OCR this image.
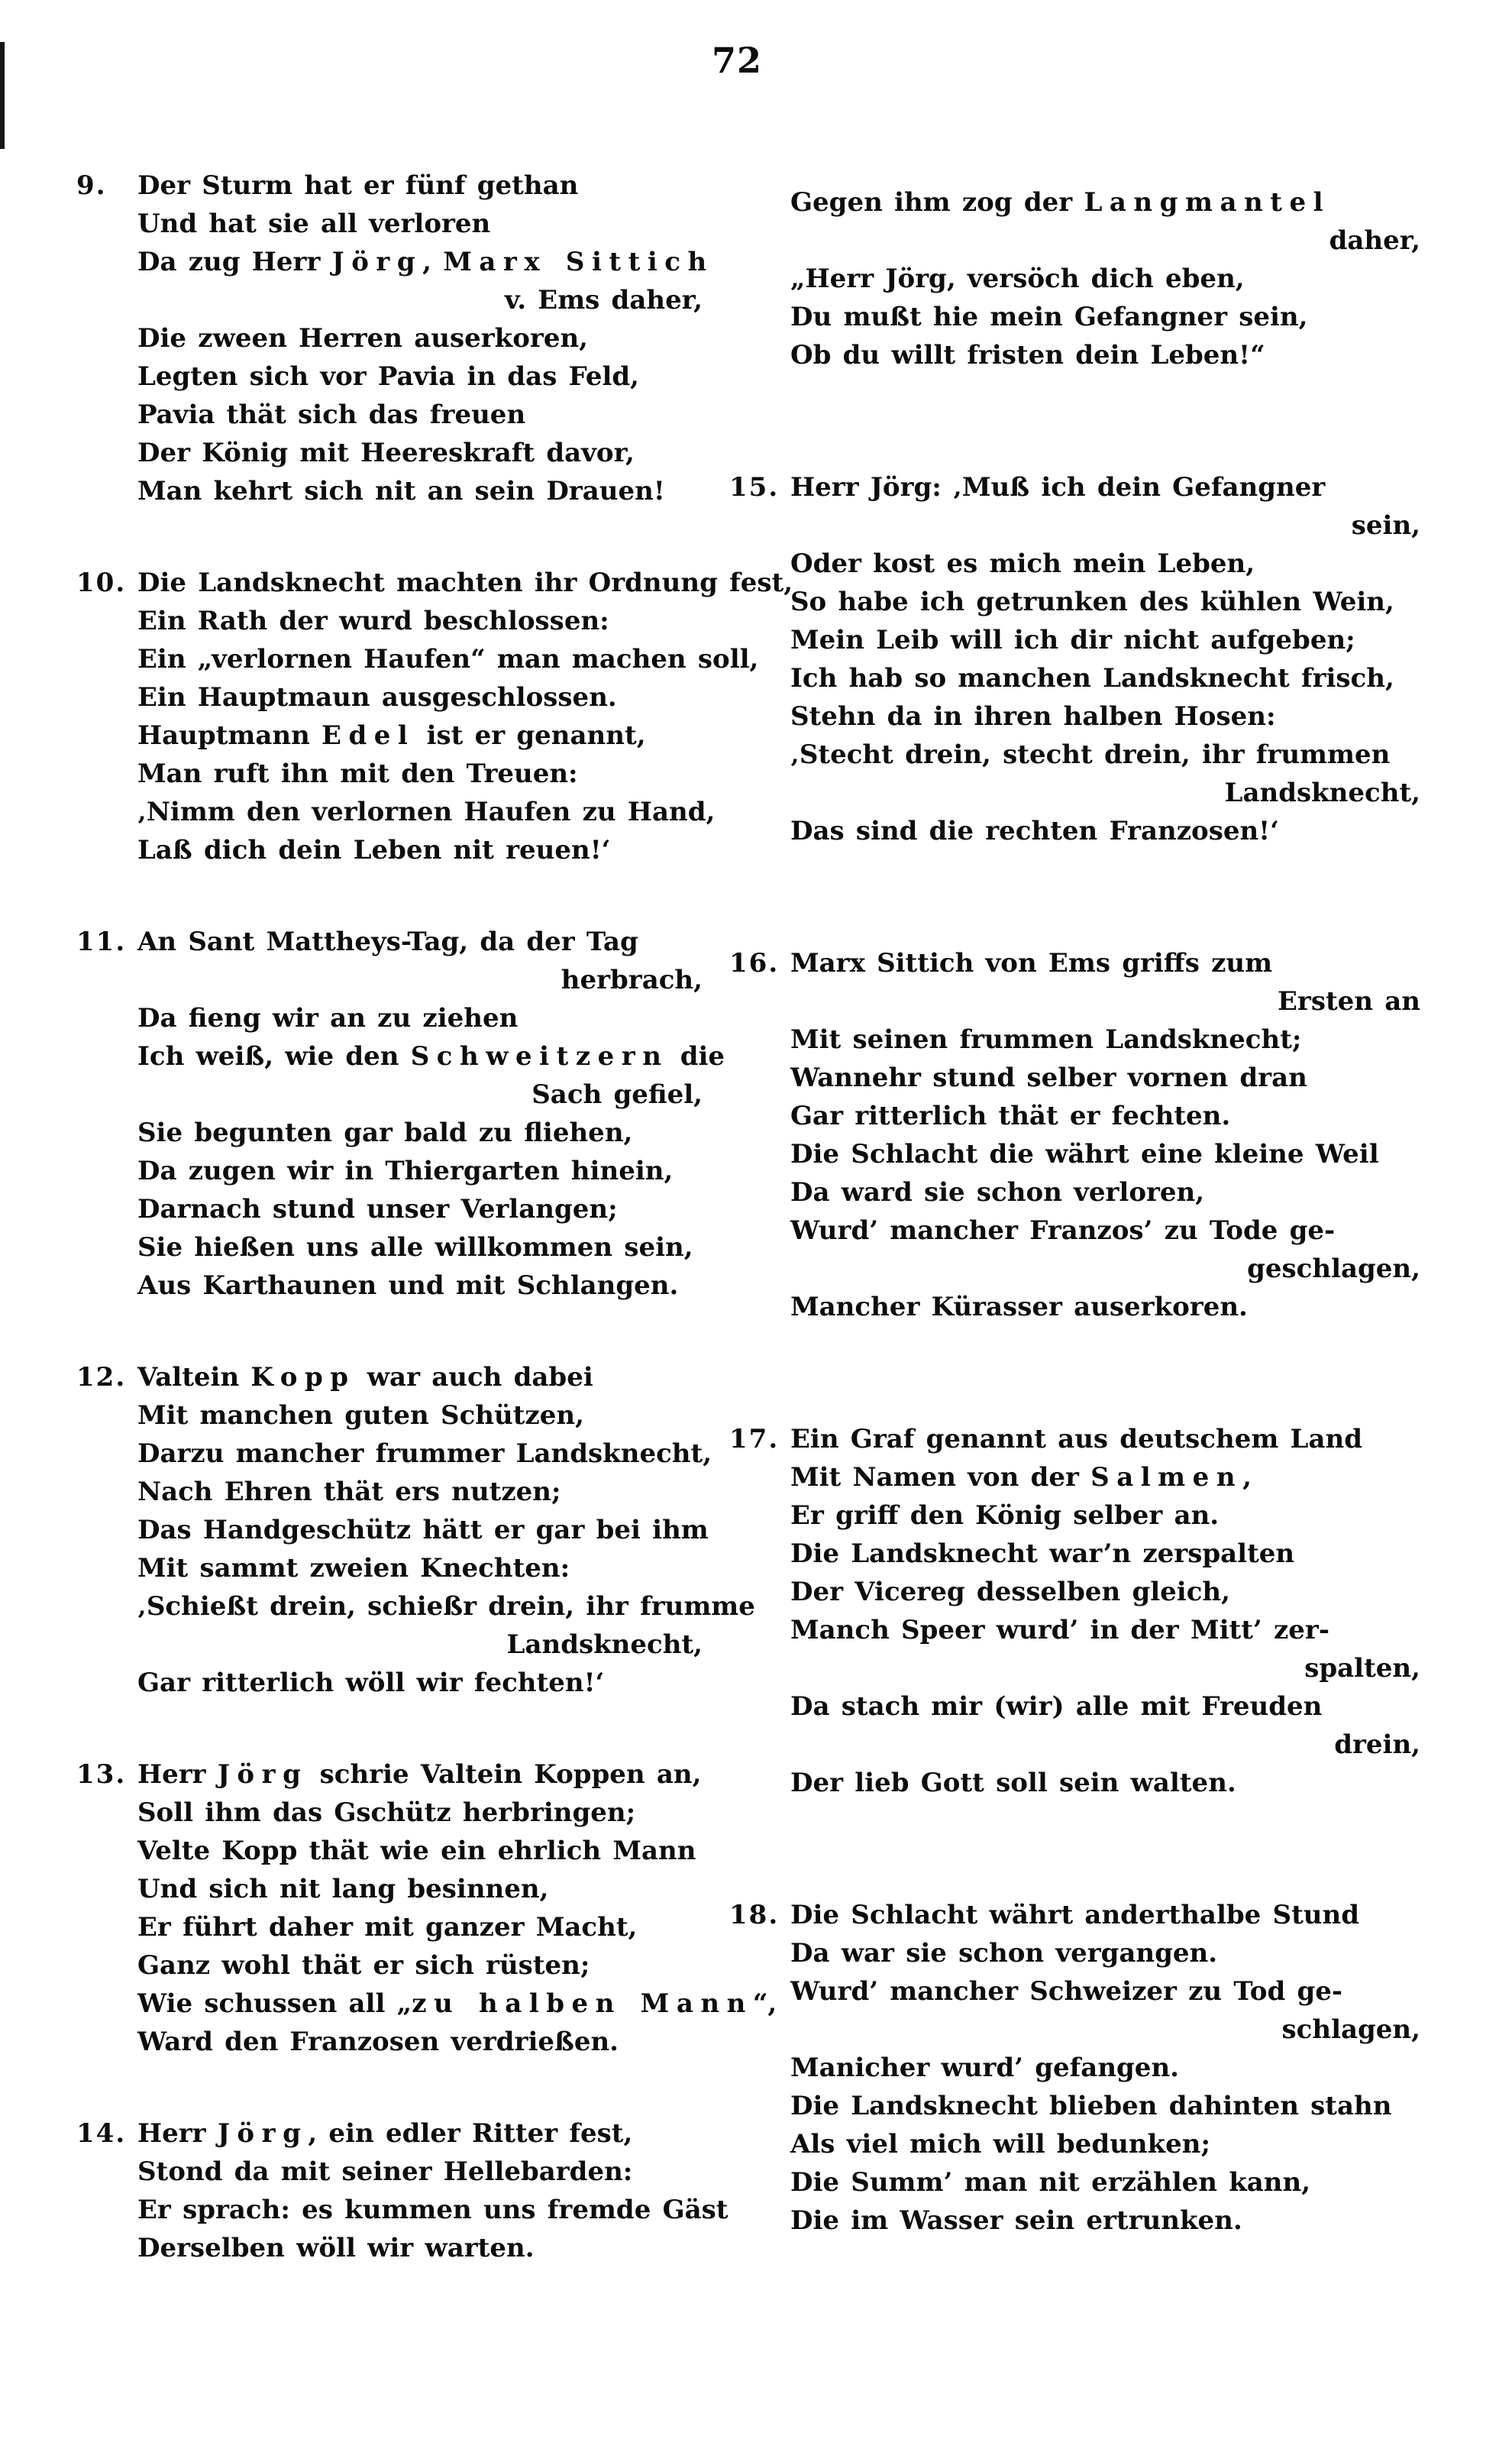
72
9. Der Sturm hat er fünf gethan
Und hat sie all verloren
Da zug Herr Jörg, Marx Sittich
v. Ems daher,
Die zween Herren auserkoren,
Legten sich vor Pavia in das Feld,
Pavia thät sich das freuen
Der König mit Heereskraft davor,
Man kehrt sich nit an sein Drauen!
10. Die Landsknecht machten ihr Ordnung fest,
Ein Rath der wurd beschlossen:
Ein „verlornen Haufen“ man machen soll,
Ein Hauptmaun ausgeschlossen.
Hauptmann Edel ist er genannt,
Man ruft ihn mit den Treuen:
‚Nimm den verlornen Haufen zu Hand,
Laß dich dein Leben nit reuen!‘
11. An Sant Mattheys-Tag, da der Tag
herbrach,
Da fieng wir an zu ziehen
Ich weiß, wie den Schweitzern die
Sach gefiel,
Sie begunten gar bald zu fliehen,
Da zugen wir in Thiergarten hinein,
Darnach stund unser Verlangen;
Sie hießen uns alle willkommen sein,
Aus Karthaunen und mit Schlangen.
12. Valtein Kopp war auch dabei
Mit manchen guten Schützen,
Darzu mancher frummer Landsknecht,
Nach Ehren thät ers nutzen;
Das Handgeschütz hätt er gar bei ihm
Mit sammt zweien Knechten:
‚Schießt drein, schießr drein, ihr frumme
Landsknecht,
Gar ritterlich wöll wir fechten!‘
13. Herr Jörg schrie Valtein Koppen an,
Soll ihm das Gschütz herbringen;
Velte Kopp thät wie ein ehrlich Mann
Und sich nit lang besinnen,
Er führt daher mit ganzer Macht,
Ganz wohl thät er sich rüsten;
Wie schussen all „zu halben Mann“,
Ward den Franzosen verdrießen.
14. Herr Jörg, ein edler Ritter fest,
Stond da mit seiner Hellebarden:
Er sprach: es kummen uns fremde Gäst
Derselben wöll wir warten.
Gegen ihm zog der Langmantel
daher,
„Herr Jörg, versöch dich eben,
Du mußt hie mein Gefangner sein,
Ob du willt fristen dein Leben!“
15. Herr Jörg: ‚Muß ich dein Gefangner
sein,
Oder kost es mich mein Leben,
So habe ich getrunken des kühlen Wein,
Mein Leib will ich dir nicht aufgeben;
Ich hab so manchen Landsknecht frisch,
Stehn da in ihren halben Hosen:
‚Stecht drein, stecht drein, ihr frummen
Landsknecht,
Das sind die rechten Franzosen!‘
16. Marx Sittich von Ems griffs zum
Ersten an
Mit seinen frummen Landsknecht;
Wannehr stund selber vornen dran
Gar ritterlich thät er fechten.
Die Schlacht die währt eine kleine Weil
Da ward sie schon verloren,
Wurd’ mancher Franzos’ zu Tode ge-
geschlagen,
Mancher Kürasser auserkoren.
17. Ein Graf genannt aus deutschem Land
Mit Namen von der Salmen,
Er griff den König selber an.
Die Landsknecht war’n zerspalten
Der Vicereg desselben gleich,
Manch Speer wurd’ in der Mitt’ zer-
spalten,
Da stach mir (wir) alle mit Freuden
drein,
Der lieb Gott soll sein walten.
18. Die Schlacht währt anderthalbe Stund
Da war sie schon vergangen.
Wurd’ mancher Schweizer zu Tod ge-
schlagen,
Manicher wurd’ gefangen.
Die Landsknecht blieben dahinten stahn
Als viel mich will bedunken;
Die Summ’ man nit erzählen kann,
Die im Wasser sein ertrunken.
